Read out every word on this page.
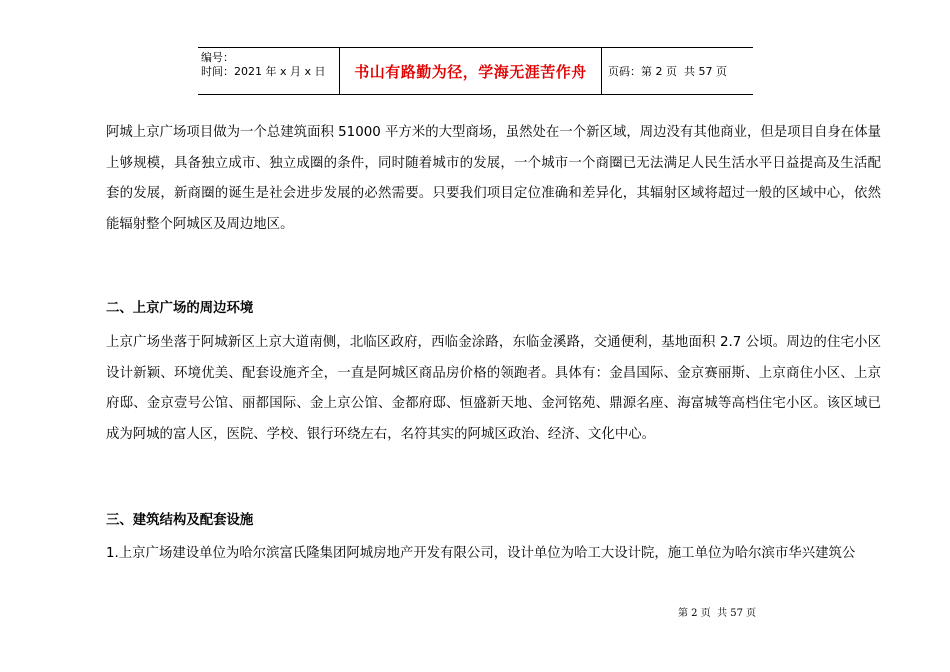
编号：
时间：2021 年 x 月 x 日	书山有路勤为径，学海无涯苦作舟	页码：第 2 页  共 57 页

阿城上京广场项目做为一个总建筑面积 51000 平方米的大型商场，虽然处在一个新区域，周边没有其他商业，但是项目自身在体量上够规模，具备独立成市、独立成圈的条件，同时随着城市的发展，一个城市一个商圈已无法满足人民生活水平日益提高及生活配套的发展，新商圈的诞生是社会进步发展的必然需要。只要我们项目定位准确和差异化，其辐射区域将超过一般的区域中心，依然能辐射整个阿城区及周边地区。

二、上京广场的周边环境

上京广场坐落于阿城新区上京大道南侧，北临区政府，西临金涂路，东临金溪路，交通便利，基地面积 2.7 公顷。周边的住宅小区设计新颖、环境优美、配套设施齐全，一直是阿城区商品房价格的领跑者。具体有：金昌国际、金京赛丽斯、上京商住小区、上京府邸、金京壹号公馆、丽都国际、金上京公馆、金都府邸、恒盛新天地、金河铭苑、鼎源名座、海富城等高档住宅小区。该区域已成为阿城的富人区，医院、学校、银行环绕左右，名符其实的阿城区政治、经济、文化中心。

三、建筑结构及配套设施

1.上京广场建设单位为哈尔滨富氏隆集团阿城房地产开发有限公司，设计单位为哈工大设计院，施工单位为哈尔滨市华兴建筑公

第 2 页  共 57 页
